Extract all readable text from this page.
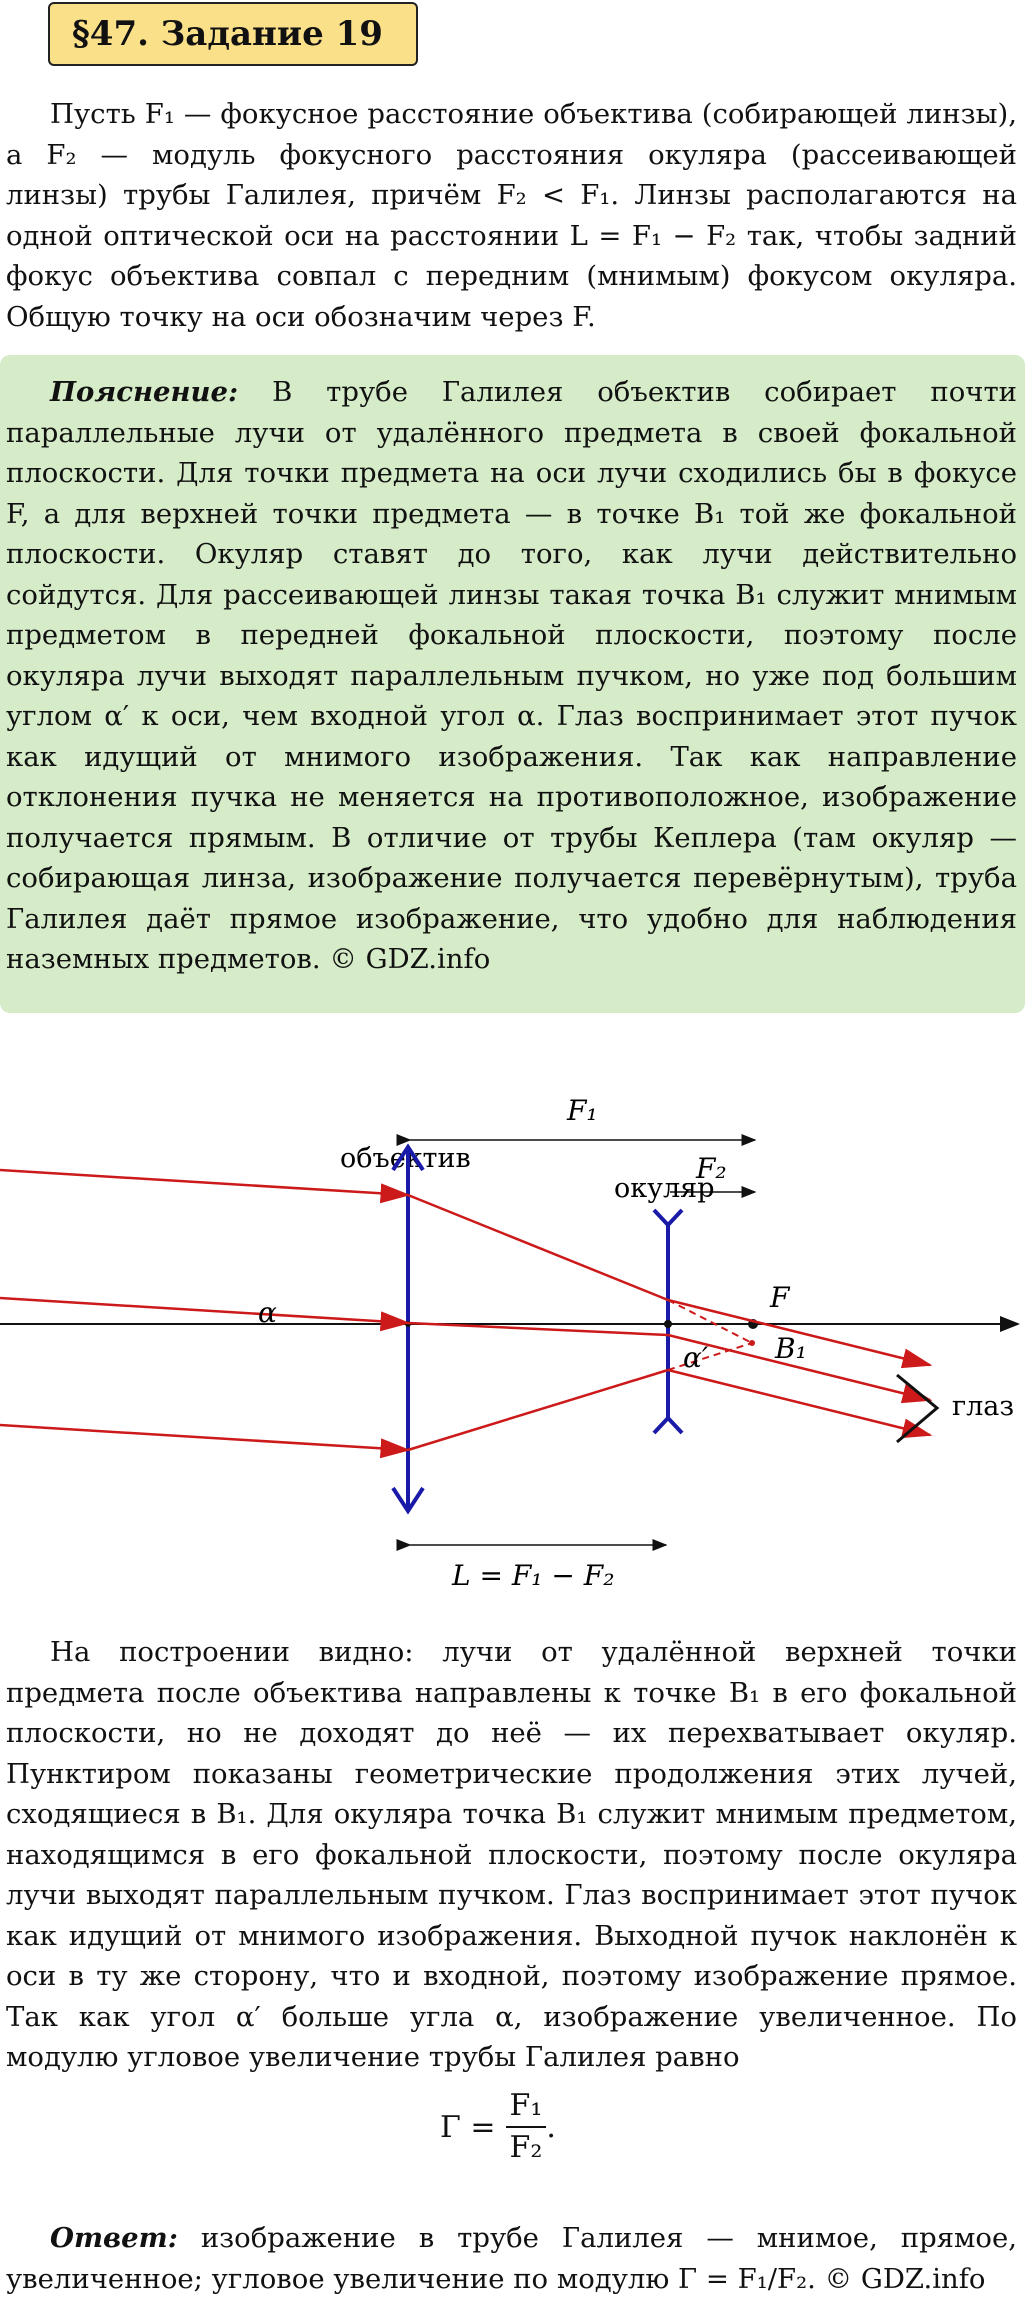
§47. Задание 19
Пусть F₁ — фокусное расстояние объектива (собирающей линзы), а F₂ — модуль фокусного расстояния окуляра (рассеивающей линзы) трубы Галилея, причём F₂ < F₁. Линзы располагаются на одной оптической оси на расстоянии L = F₁ − F₂ так, чтобы задний фокус объектива совпал с передним (мнимым) фокусом окуляра. Общую точку на оси обозначим через F.
Пояснение: В трубе Галилея объектив собирает почти параллельные лучи от удалённого предмета в своей фокальной плоскости. Для точки предмета на оси лучи сходились бы в фокусе F, а для верхней точки предмета — в точке B₁ той же фокальной плоскости. Окуляр ставят до того, как лучи действительно сойдутся. Для рассеивающей линзы такая точка B₁ служит мнимым предметом в передней фокальной плоскости, поэтому после окуляра лучи выходят параллельным пучком, но уже под большим углом α′ к оси, чем входной угол α. Глаз воспринимает этот пучок как идущий от мнимого изображения. Так как направление отклонения пучка не меняется на противоположное, изображение получается прямым. В отличие от трубы Кеплера (там окуляр — собирающая линза, изображение получается перевёрнутым), труба Галилея даёт прямое изображение, что удобно для наблюдения наземных предметов. © GDZ.info
F₁
объектив	F₂
окуляр
F
B₁
глаз
α
α′
L = F₁ − F₂
На построении видно: лучи от удалённой верхней точки предмета после объектива направлены к точке B₁ в его фокальной плоскости, но не доходят до неё — их перехватывает окуляр. Пунктиром показаны геометрические продолжения этих лучей, сходящиеся в B₁. Для окуляра точка B₁ служит мнимым предметом, находящимся в его фокальной плоскости, поэтому после окуляра лучи выходят параллельным пучком. Глаз воспринимает этот пучок как идущий от мнимого изображения. Выходной пучок наклонён к оси в ту же сторону, что и входной, поэтому изображение прямое. Так как угол α′ больше угла α, изображение увеличенное. По модулю угловое увеличение трубы Галилея равно
$\Gamma = \frac{\text{F₁}}{\text{F₂}}$ .
Ответ: изображение в трубе Галилея — мнимое, прямое, увеличенное; угловое увеличение по модулю Γ = F₁/F₂. © GDZ.info
